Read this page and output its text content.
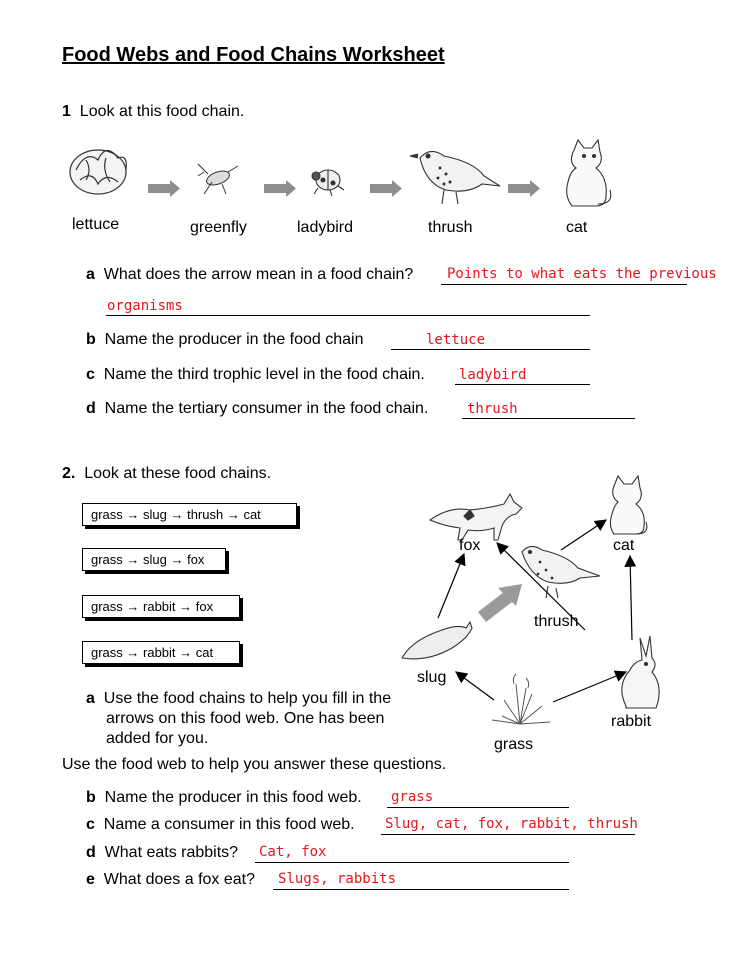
Food Webs and Food Chains Worksheet
1 Look at this food chain.
lettuce	greenfly	ladybird	thrush	cat
a What does the arrow mean in a food chain? Points to what eats the previous
organisms
b Name the producer in the food chain	lettuce
c Name the third trophic level in the food chain. ladybird
d Name the tertiary consumer in the food chain.	thrush
2. Look at these food chains.
grass → slug → thrush → cat
grass → slug → fox
grass → rabbit → fox
grass → rabbit → cat
fox	cat
thrush
slug
rabbit
grass
a Use the food chains to help you fill in the
arrows on this food web. One has been
added for you.
Use the food web to help you answer these questions.
b Name the producer in this food web. grass
c Name a consumer in this food web. Slug, cat, fox, rabbit, thrush
d What eats rabbits? Cat, fox
e What does a fox eat? Slugs, rabbits
